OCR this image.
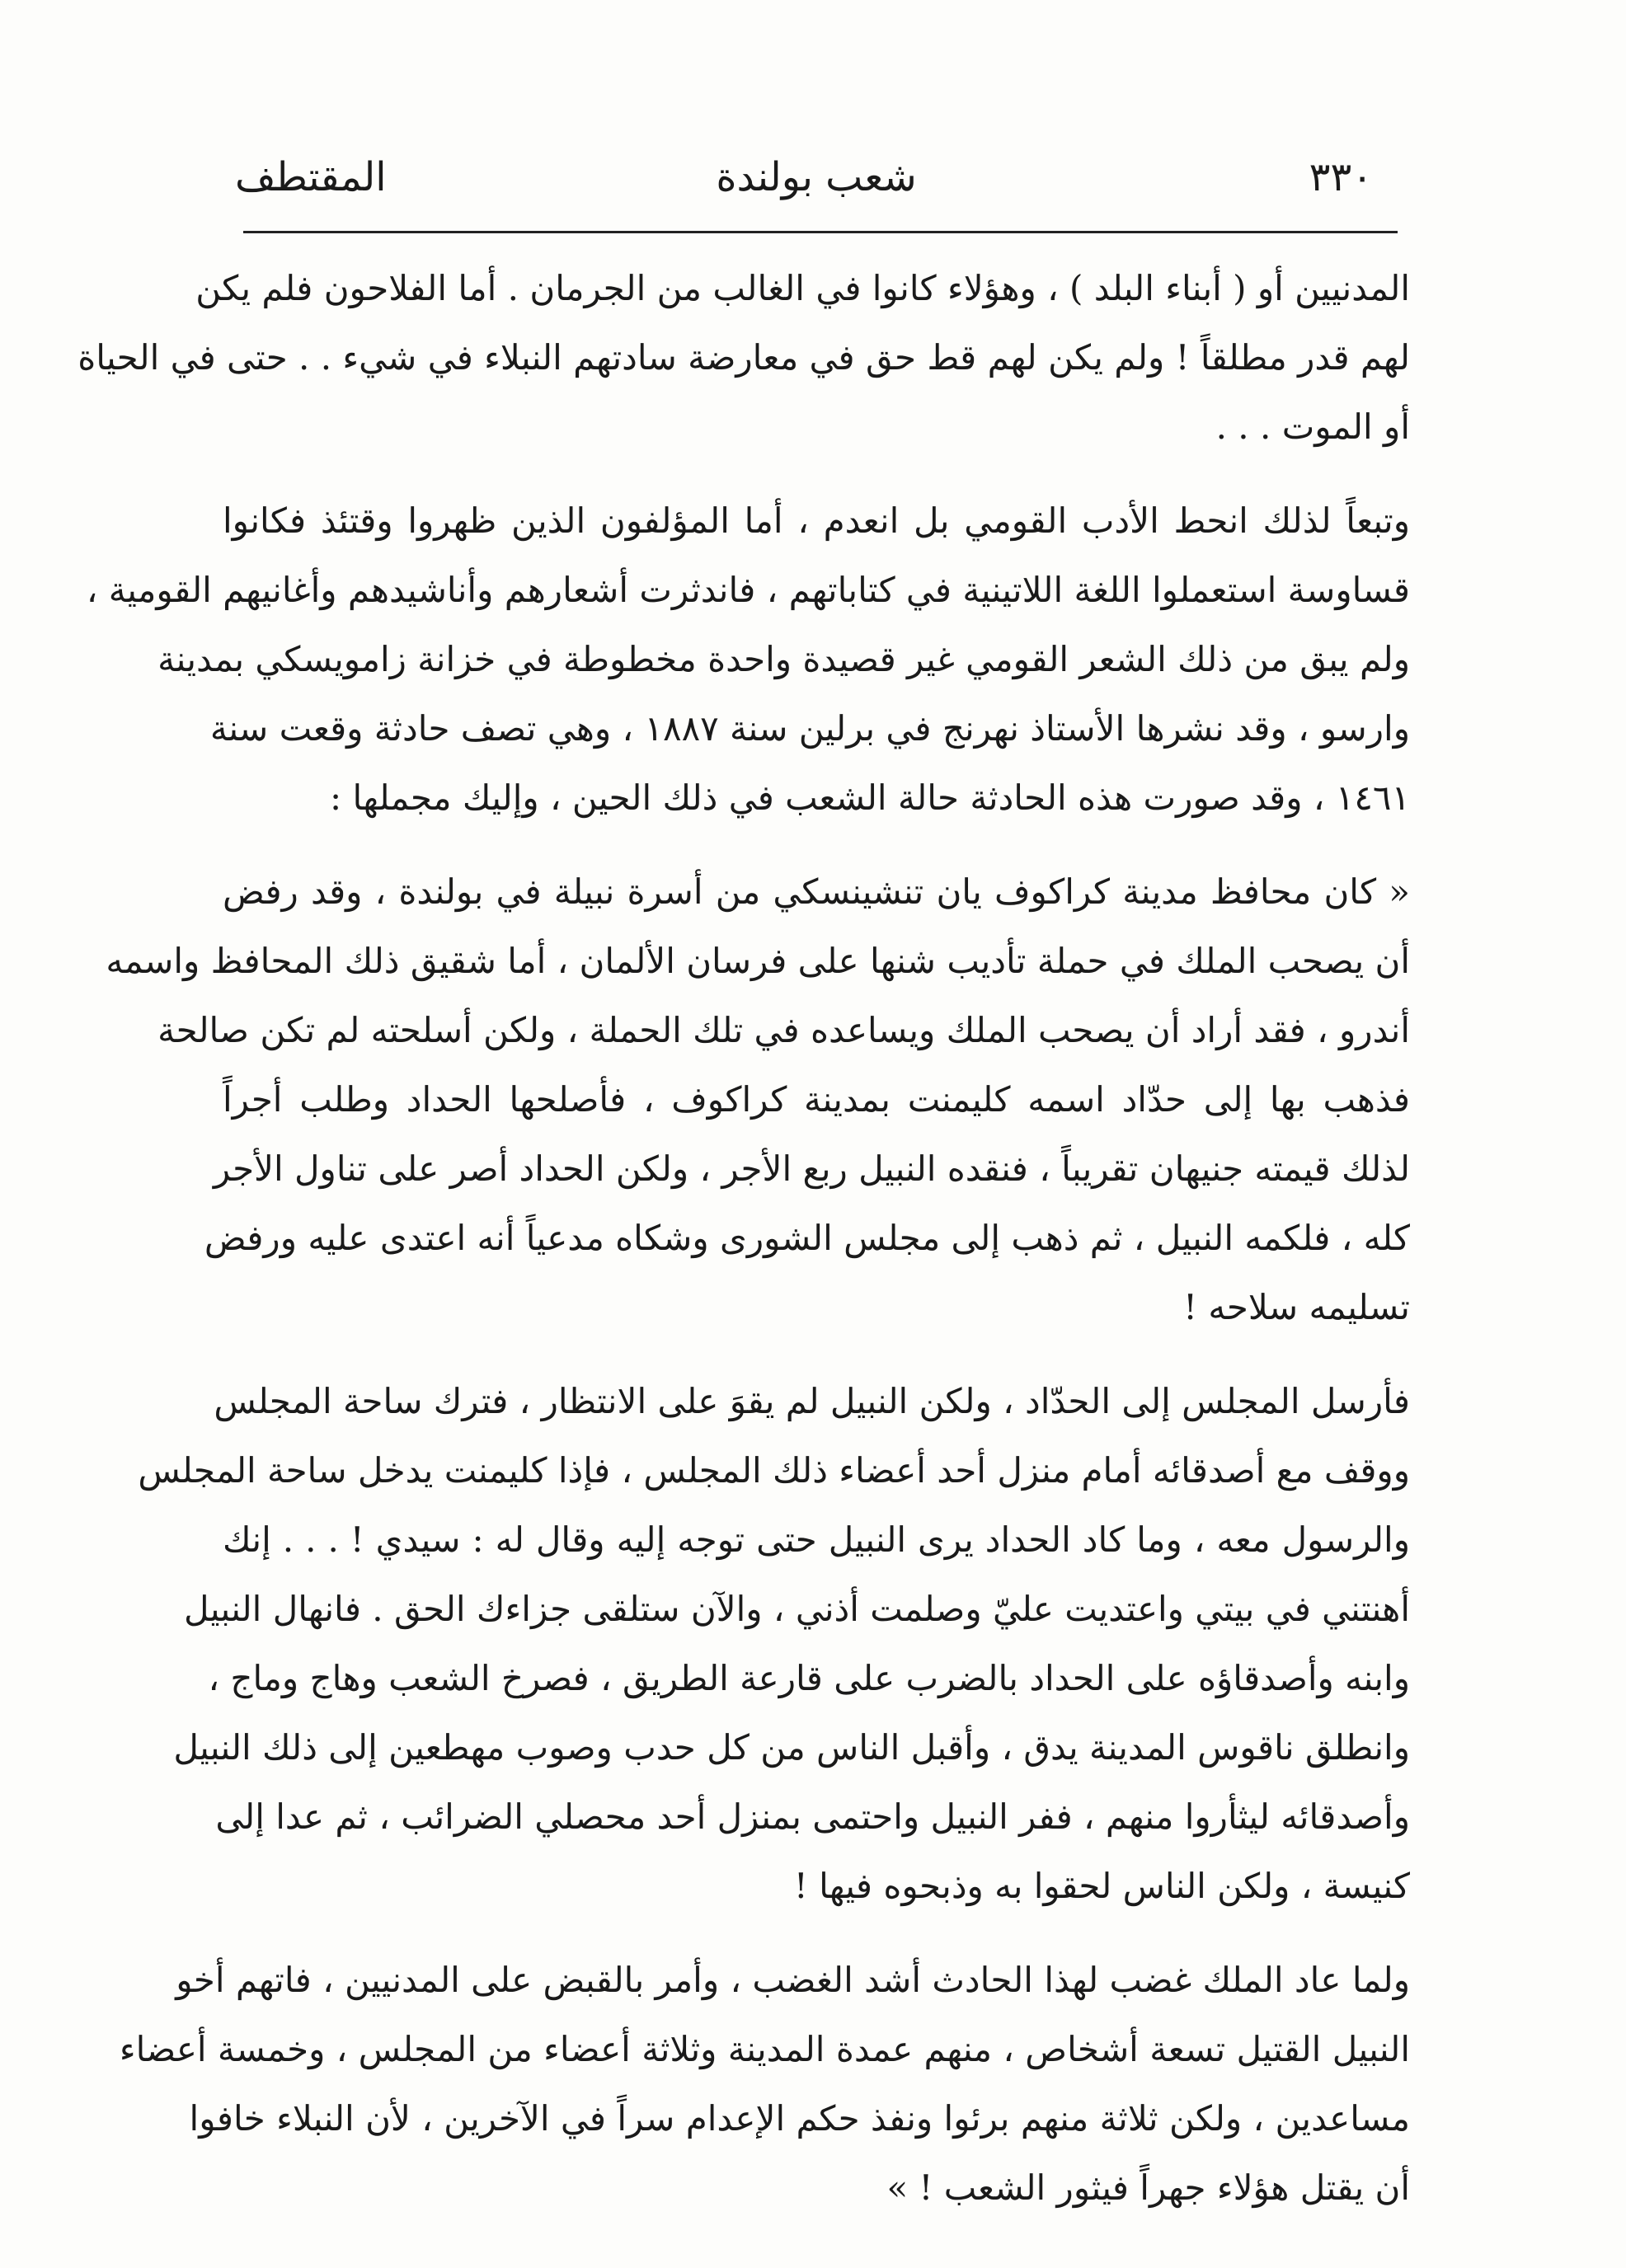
٣٣٠
شعب بولندة
المقتطف
المدنيين أو ( أبناء البلد ) ، وهؤلاء كانوا في الغالب من الجرمان . أما الفلاحون فلم يكن
لهم قدر مطلقاً ! ولم يكن لهم قط حق في معارضة سادتهم النبلاء في شيء . . حتى في الحياة
أو الموت . . .
وتبعاً لذلك انحط الأدب القومي بل انعدم ، أما المؤلفون الذين ظهروا وقتئذ فكانوا
قساوسة استعملوا اللغة اللاتينية في كتاباتهم ، فاندثرت أشعارهم وأناشيدهم وأغانيهم القومية ،
ولم يبق من ذلك الشعر القومي غير قصيدة واحدة مخطوطة في خزانة زامويسكي بمدينة
وارسو ، وقد نشرها الأستاذ نهرنج في برلين سنة ١٨٨٧ ، وهي تصف حادثة وقعت سنة
١٤٦١ ، وقد صورت هذه الحادثة حالة الشعب في ذلك الحين ، وإليك مجملها :
« كان محافظ مدينة كراكوف يان تنشينسكي من أسرة نبيلة في بولندة ، وقد رفض
أن يصحب الملك في حملة تأديب شنها على فرسان الألمان ، أما شقيق ذلك المحافظ واسمه
أندرو ، فقد أراد أن يصحب الملك ويساعده في تلك الحملة ، ولكن أسلحته لم تكن صالحة
فذهب بها إلى حدّاد اسمه كليمنت بمدينة كراكوف ، فأصلحها الحداد وطلب أجراً
لذلك قيمته جنيهان تقريباً ، فنقده النبيل ربع الأجر ، ولكن الحداد أصر على تناول الأجر
كله ، فلكمه النبيل ، ثم ذهب إلى مجلس الشورى وشكاه مدعياً أنه اعتدى عليه ورفض
تسليمه سلاحه !
فأرسل المجلس إلى الحدّاد ، ولكن النبيل لم يقوَ على الانتظار ، فترك ساحة المجلس
ووقف مع أصدقائه أمام منزل أحد أعضاء ذلك المجلس ، فإذا كليمنت يدخل ساحة المجلس
والرسول معه ، وما كاد الحداد يرى النبيل حتى توجه إليه وقال له : سيدي ! . . . إنك
أهنتني في بيتي واعتديت عليّ وصلمت أذني ، والآن ستلقى جزاءك الحق . فانهال النبيل
وابنه وأصدقاؤه على الحداد بالضرب على قارعة الطريق ، فصرخ الشعب وهاج وماج ،
وانطلق ناقوس المدينة يدق ، وأقبل الناس من كل حدب وصوب مهطعين إلى ذلك النبيل
وأصدقائه ليثأروا منهم ، ففر النبيل واحتمى بمنزل أحد محصلي الضرائب ، ثم عدا إلى
كنيسة ، ولكن الناس لحقوا به وذبحوه فيها !
ولما عاد الملك غضب لهذا الحادث أشد الغضب ، وأمر بالقبض على المدنيين ، فاتهم أخو
النبيل القتيل تسعة أشخاص ، منهم عمدة المدينة وثلاثة أعضاء من المجلس ، وخمسة أعضاء
مساعدين ، ولكن ثلاثة منهم برئوا ونفذ حكم الإعدام سراً في الآخرين ، لأن النبلاء خافوا
أن يقتل هؤلاء جهراً فيثور الشعب ! »
